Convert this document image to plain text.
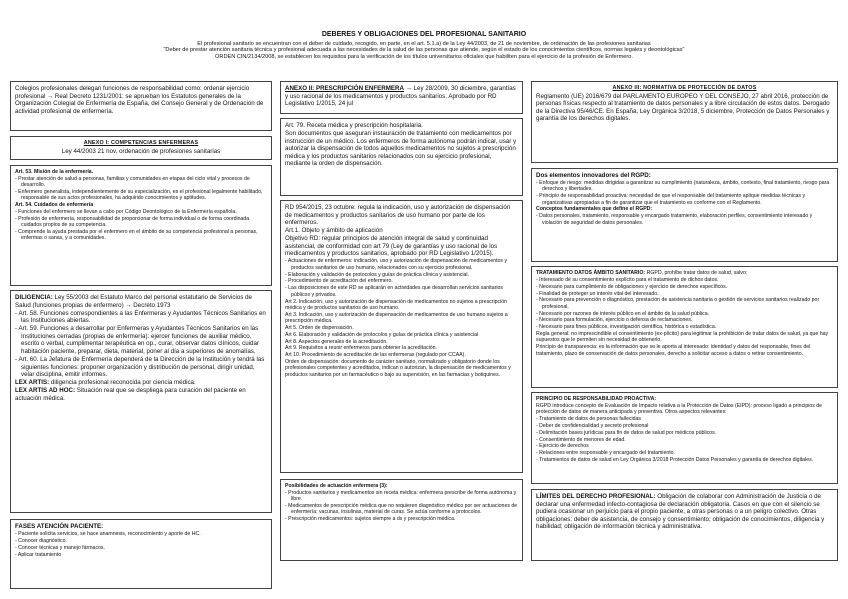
DEBERES Y OBLIGACIONES DEL PROFESIONAL SANITARIO
El profesional sanitario se encuentran con el deber de cuidado, recogido, en parte, en el art. 5.1.a) de la Ley 44/2003, de 21 de noviembre, de ordenación de las profesiones sanitarias
"Deber de prestar atención sanitaria técnica y profesional adecuada a las necesidades de la salud de las personas que atiende, según el estado de los conocimientos científicos, normas legales y deontológicas"
ORDEN CIN/2134/2008, se establecen los requisitos para la verificación de los títulos universitarios oficiales que habiliten para el ejercicio de la profesión de Enfermero.

Colegios profesionales delegan funciones de responsabilidad como: ordenar ejercicio profesional → Real Decreto 1231/2001: se aprueban los Estatutos generales de la Organización Colegial de Enfermería de España, del Consejo General y de Ordenación de actividad profesional de enfermería.

ANEXO I: COMPETENCIAS ENFERMERAS
Ley 44/2003 21 nov, ordenación de profesiones sanitarias

Art. 53. Misión de la enfermería.

- Prestar atención de salud a personas, familias y comunidades en etapas del ciclo vital y procesos de desarrollo.
- Enfermero generalista, independientemente de su especialización, es el profesional legalmente habilitado, responsable de sus actos profesionales, ha adquirido conocimientos y aptitudes.

Art. 54. Cuidados de enfermería

- Funciones del enfermero se llevan a cabo por Código Deontológico de la Enfermería española.
- Profesión de enfermería, responsabilidad de proporcionar de forma individual o de forma coordinada cuidados propios de su competencia.
- Comprende la ayuda prestada por el enfermero en el ámbito de su competencia profesional a personas, enfermas o sanas, y a comunidades.

DILIGENCIA: Ley 55/2003 del Estatuto Marco del personal estatutario de Servicios de Salud (funciones propias de enfermero) → Decreto 1973

- Art. 58. Funciones correspondientes a las Enfermeras y Ayudantes Técnicos Sanitarios en las Instituciones abiertas.
- Art. 59. Funciones a desarrollar por Enfermeras y Ayudantes Técnicos Sanitarios en las Instituciones cerradas (propias de enfermería): ejercer funciones de auxiliar médico, escrito o verbal, cumplimentar terapéutica en op., curar, observar datos clínicos, cuidar habitación paciente, preparar, dieta, material, poner al día a superiores de anomalías.
- Art. 60. La Jefatura de Enfermería dependerá de la Dirección de la Institución y tendrá las siguientes funciones: proponer organización y distribución de personal, dirigir unidad, velar disciplina, emitir informes.

LEX ARTIS: diligencia profesional reconocida por ciencia médica.

LEX ARTIS AD HOC: Situación real que se despliega para curación del paciente en actuación médica.

FASES ATENCIÓN PACIENTE:

- Paciente solicita servicios, se hace anamnesis, reconocimiento y aporte de HC.
- Conocer diagnóstico.
- Conocer técnicas y manejo fármacos.
- Aplicar tratamiento

ANEXO II: PRESCRIPCIÓN ENFERMERA → Ley 28/2009, 30 diciembre, garantías y uso racional de los medicamentos y productos sanitarios. Aprobado por RD Legislativo 1/2015, 24 jul

Art. 79. Receta médica y prescripción hospitalaria.

Son documentos que aseguran instauración de tratamiento con medicamentos por instrucción de un médico. Los enfermeros de forma autónoma podrán indicar, usar y autorizar la dispensación de todos aquellos medicamentos no sujetos a prescripción médica y los productos sanitarios relacionados con su ejercicio profesional, mediante la orden de dispensación.

RD 954/2015, 23 octubre: regula la indicación, uso y autorización de dispensación de medicamentos y productos sanitarios de uso humano por parte de los enfermeros.

Art.1. Objeto y ámbito de aplicación

Objetivo RD: regular principios de atención integral de salud y continuidad asistencial, de conformidad con art 79 (Ley de garantías y uso racional de los medicamentos y productos sanitarios, aprobado por RD Legislativo 1/2015).

- Actuaciones de enfermeros: indicación, uso y autorización de dispensación de medicamentos y productos sanitarios de uso humano, relacionados con su ejercicio profesional.
- Elaboración y validación de protocolos y guías de práctica clínica y asistencial.
- Procedimiento de acreditación del enfermero.
- Las disposiciones de este RD se aplicarán en actividades que desarrollan servicios sanitarios públicos y privados.

Art 2. Indicación, uso y autorización de dispensación de medicamentos no sujetos a prescripción médica y de productos sanitarios de uso humano.

Art 3. Indicación, uso y autorización de dispensación de medicamentos de uso humano sujetos a prescripción médica.

Art 5. Orden de dispensación.

Art 6. Elaboración y validación de protocolos y guías de práctica clínica y asistencial

Art 8. Aspectos generales de la acreditación.

Art 9. Requisitos a reunir enfermeros para obtener la acreditación.

Art 10. Procedimiento de acreditación de las enfermeras (regulado por CCAA).

Orden de dispensación: documento de carácter sanitario, normalizado y obligatorio donde los profesionales competentes y acreditados, indican o autorizan, la dispensación de medicamentos y productos sanitarios por un farmacéutico o bajo su supervisión, en las farmacias y botiquines.

Posibilidades de actuación enfermera (3):

- Productos sanitarios y medicamentos sin receta médica: enfermera prescribe de forma autónoma y libre.
- Medicamentos de prescripción médica que no requieren diagnóstico médico por ser actuaciones de enfermería: vacunas, insulinas, material de curas. Se actúa conforme a protocolos.
- Prescripción medicamentos: sujetos siempre a dx y prescripción médica.
ANEXO III: NORMATIVA DE PROTECCIÓN DE DATOS

Reglamento (UE) 2016/679 del PARLAMENTO EUROPEO Y DEL CONSEJO, 27 abril 2016, protección de personas físicas respecto al tratamiento de datos personales y a libre circulación de estos datos. Derogado de la Directiva 95/46/CE. En España, Ley Orgánica 3/2018, 5 diciembre, Protección de Datos Personales y garantía de los derechos digitales.

Dos elementos innovadores del RGPD:

- Enfoque de riesgo: medidas dirigidas a garantizar su cumplimiento (naturaleza, ámbito, contexto, final tratamiento, riesgo para derechos y libertades.
- Principio de responsabilidad proactiva: necesidad de que el responsable del tratamiento aplique medidas técnicas y organizativas apropiadas a fin de garantizar que el tratamiento es conforme con el Reglamento.

Conceptos fundamentales que define el RGPD:

- Datos personales, tratamiento, responsable y encargado tratamiento, elaboración perfiles, consentimiento interesado y violación de seguridad de datos personales.

TRATAMIENTO DATOS ÁMBITO SANITARIO: RGPD, prohíbe tratar datos de salud, salvo:

- Interesado dé su consentimiento explícito para el tratamiento de dichos datos.
- Necesario para cumplimiento de obligaciones y ejercicio de derechos específicos.
- Finalidad de proteger un interés vital del interesado.
- Necesario para prevención o diagnóstico, prestación de asistencia sanitaria o gestión de servicios sanitarios realizado por profesional.
- Necesario por razones de interés público en el ámbito de la salud pública.
- Necesario para formulación, ejercicio o defensa de reclamaciones.
- Necesario para fines públicos, investigación científica, histórica o estadística.

Regla general: no imprescindible el consentimiento (ex-plícito) para legitimar la prohibición de tratar datos de salud, ya que hay supuestos que le permiten sin necesidad de obtenerlo.

Principio de transparencia: es la información que se le aporta al interesado: identidad y datos del responsable, fines del tratamiento, plazo de conservación de datos personales, derecho a solicitar acceso a datos o retirar consentimiento.

PRINCIPIO DE RESPONSABILIDAD PROACTIVA:

RGPD introduce concepto de Evaluación de Impacto relativa a la Protección de Datos (EIPD): proceso ligado a principios de protección de datos de manera anticipada y preventiva. Otros aspectos relevantes:

- Tratamiento de datos de personas fallecidas
- Deber de confidencialidad y secreto profesional
- Delimitación bases jurídicas para fin de datos de salud por médicos públicos.
- Consentimiento de menores de edad.
- Ejercicio de derechos
- Relaciones entre responsable y encargado del tratamiento.
- Tratamientos de datos de salud en Ley Orgánica 3/2018 Protección Datos Personales y garantía de derechos digitales.

LÍMITES DEL DERECHO PROFESIONAL: Obligación de colaborar con Administración de Justicia o de declarar una enfermedad infecto-contagiosa de declaración obligatoria. Casos en que con el silencio se pudiera ocasionar un perjuicio para el propio paciente, a otras personas o a un peligro colectivo. Otras obligaciones: deber de asistencia, de consejo y consentimiento; obligación de conocimientos, diligencia y habilidad; obligación de información técnica y administrativa.
